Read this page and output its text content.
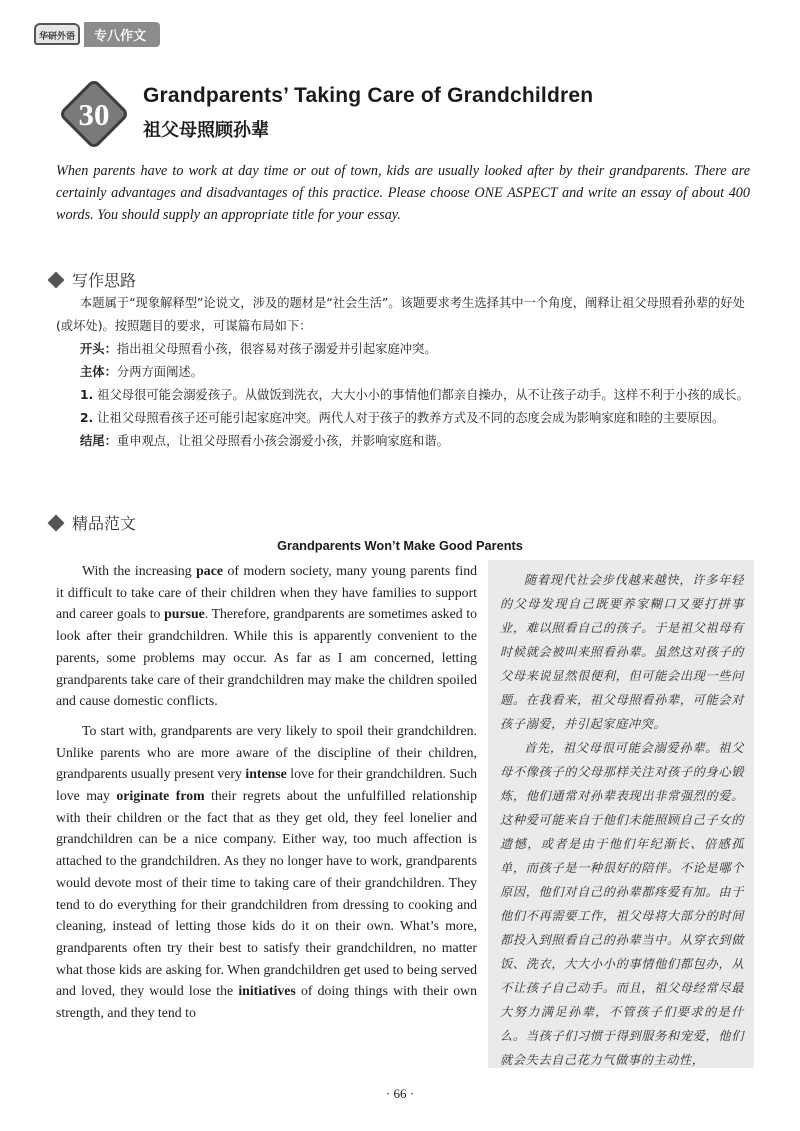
华研外语	专八作文
30
Grandparents’ Taking Care of Grandchildren
祖父母照顾孙辈
When parents have to work at day time or out of town, kids are usually looked after by their grandparents. There are certainly advantages and disadvantages of this practice. Please choose ONE ASPECT and write an essay of about 400 words. You should supply an appropriate title for your essay.
写作思路

本题属于“现象解释型”论说文，涉及的题材是“社会生活”。该题要求考生选择其中一个角度，阐释让祖父母照看孙辈的好处(或坏处)。按照题目的要求，可谋篇布局如下：

开头：指出祖父母照看小孩，很容易对孩子溺爱并引起家庭冲突。

主体：分两方面阐述。

1. 祖父母很可能会溺爱孩子。从做饭到洗衣，大大小小的事情他们都亲自操办，从不让孩子动手。这样不利于小孩的成长。

2. 让祖父母照看孩子还可能引起家庭冲突。两代人对于孩子的教养方式及不同的态度会成为影响家庭和睦的主要原因。

结尾：重申观点，让祖父母照看小孩会溺爱小孩，并影响家庭和谐。

精品范文
Grandparents Won’t Make Good Parents

With the increasing pace of modern society, many young parents find it difficult to take care of their children when they have families to support and career goals to pursue. Therefore, grandparents are sometimes asked to look after their grandchildren. While this is apparently convenient to the parents, some problems may occur. As far as I am concerned, letting grandparents take care of their grandchildren may make the children spoiled and cause domestic conflicts.

To start with, grandparents are very likely to spoil their grandchildren. Unlike parents who are more aware of the discipline of their children, grandparents usually present very intense love for their grandchildren. Such love may originate from their regrets about the unfulfilled relationship with their children or the fact that as they get old, they feel lonelier and grandchildren can be a nice company. Either way, too much affection is attached to the grandchildren. As they no longer have to work, grandparents would devote most of their time to taking care of their grandchildren. They tend to do everything for their grandchildren from dressing to cooking and cleaning, instead of letting those kids do it on their own. What’s more, grandparents often try their best to satisfy their grandchildren, no matter what those kids are asking for. When grandchildren get used to being served and loved, they would lose the initiatives of doing things with their own strength, and they tend to

随着现代社会步伐越来越快，许多年轻的父母发现自己既要养家糊口又要打拼事业，难以照看自己的孩子。于是祖父祖母有时候就会被叫来照看孙辈。虽然这对孩子的父母来说显然很便利，但可能会出现一些问题。在我看来，祖父母照看孙辈，可能会对孩子溺爱，并引起家庭冲突。

首先，祖父母很可能会溺爱孙辈。祖父母不像孩子的父母那样关注对孩子的身心锻炼，他们通常对孙辈表现出非常强烈的爱。这种爱可能来自于他们未能照顾自己子女的遗憾，或者是由于他们年纪渐长、倍感孤单，而孩子是一种很好的陪伴。不论是哪个原因，他们对自己的孙辈都疼爱有加。由于他们不再需要工作，祖父母将大部分的时间都投入到照看自己的孙辈当中。从穿衣到做饭、洗衣，大大小小的事情他们都包办，从不让孩子自己动手。而且，祖父母经常尽最大努力满足孙辈，不管孩子们要求的是什么。当孩子们习惯于得到服务和宠爱，他们就会失去自己花力气做事的主动性，

· 66 ·
